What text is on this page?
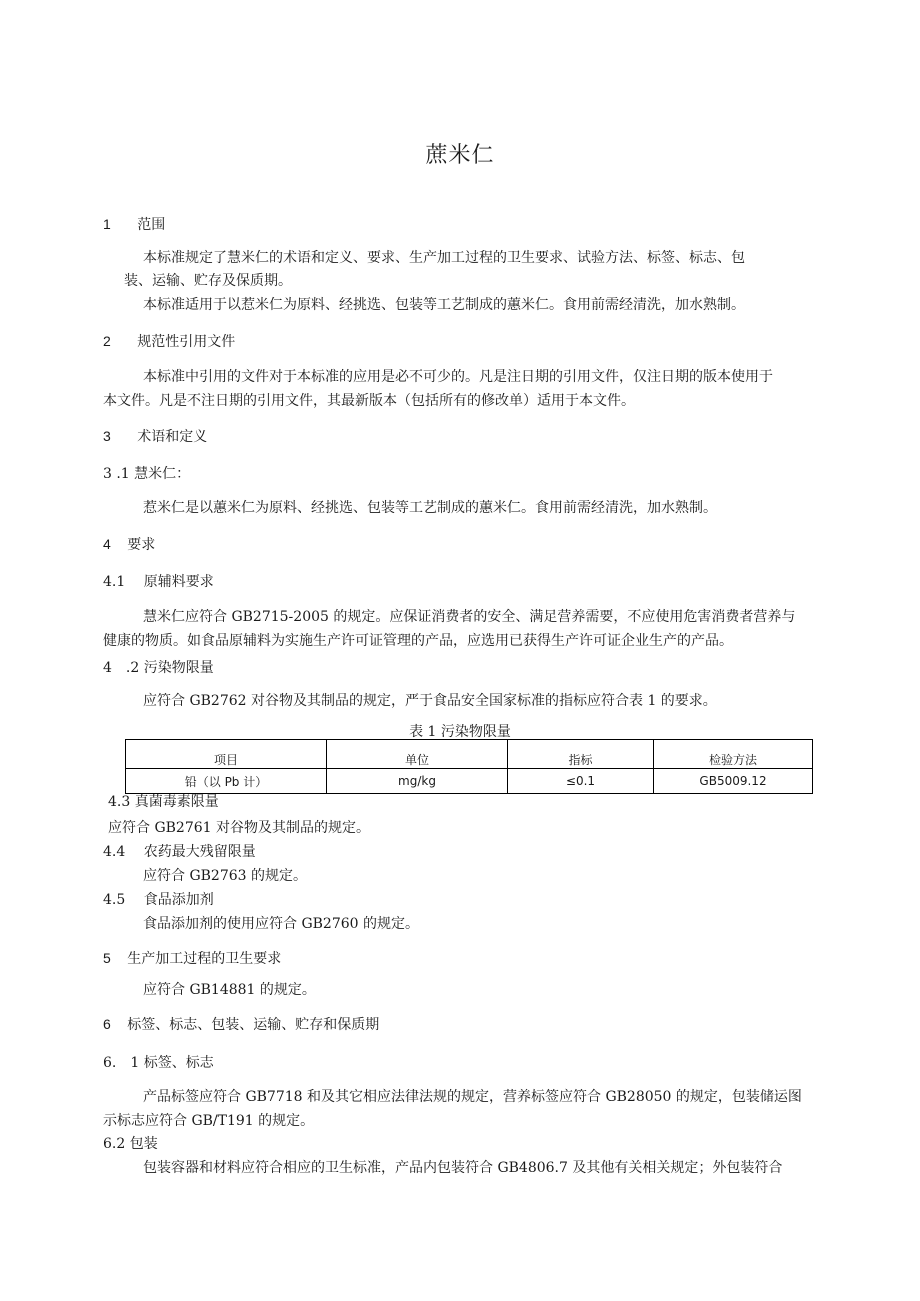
蔗米仁
1 范围
本标准规定了慧米仁的术语和定义、要求、生产加工过程的卫生要求、试验方法、标签、标志、包
装、运输、贮存及保质期。
本标准适用于以惹米仁为原料、经挑选、包装等工艺制成的蕙米仁。食用前需经清洗，加水熟制。
2 规范性引用文件
本标准中引用的文件对于本标准的应用是必不可少的。凡是注日期的引用文件，仅注日期的版本使用于
本文件。凡是不注日期的引用文件，其最新版本（包括所有的修改单）适用于本文件。
3 术语和定义
3 .1 慧米仁：
惹米仁是以蕙米仁为原料、经挑选、包装等工艺制成的蕙米仁。食用前需经清洗，加水熟制。
4 要求
4.1　 原辅料要求
慧米仁应符合 GB2715-2005 的规定。应保证消费者的安全、满足营养需要，不应使用危害消费者营养与
健康的物质。如食品原辅料为实施生产许可证管理的产品，应选用已获得生产许可证企业生产的产品。
4　.2 污染物限量
应符合 GB2762 对谷物及其制品的规定，严于食品安全国家标准的指标应符合表 1 的要求。
表 1 污染物限量
项目	单位	指标	检验方法
铅（以 Pb 计）	mg/kg	≤0.1	GB5009.12
4.3 真菌毒素限量
应符合 GB2761 对谷物及其制品的规定。
4.4　 农药最大残留限量
应符合 GB2763 的规定。
4.5　 食品添加剂
食品添加剂的使用应符合 GB2760 的规定。
5 生产加工过程的卫生要求
应符合 GB14881 的规定。
6 标签、标志、包装、运输、贮存和保质期
6.　1 标签、标志
产品标签应符合 GB7718 和及其它相应法律法规的规定，营养标签应符合 GB28050 的规定，包装储运图
示标志应符合 GB/T191 的规定。
6.2 包装
包装容器和材料应符合相应的卫生标准，产品内包装符合 GB4806.7 及其他有关相关规定；外包装符合
